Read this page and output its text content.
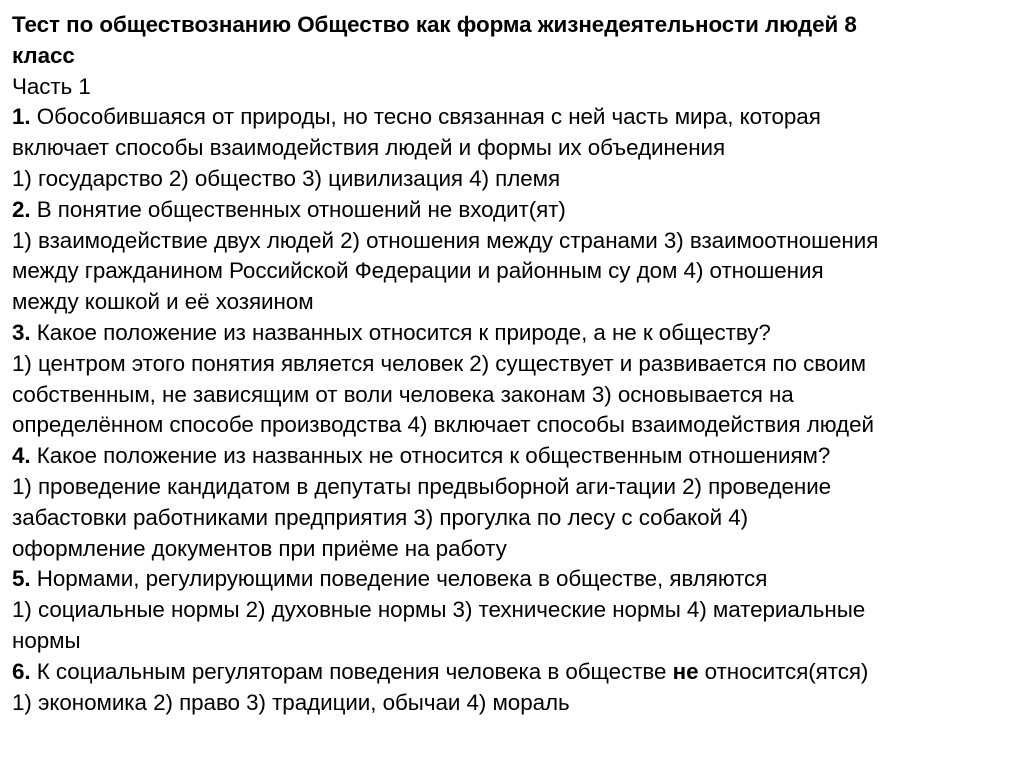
Тест по обществознанию Общество как форма жизнедеятельности людей 8
класс
Часть 1
1. Обособившаяся от природы, но тесно связанная с ней часть мира, которая
включает способы взаимодействия людей и формы их объединения
1) государство 2) общество 3) цивилизация 4) племя
2. В понятие общественных отношений не входит(ят)
1) взаимодействие двух людей 2) отношения между странами 3) взаимоотношения
между гражданином Российской Федерации и районным су дом 4) отношения
между кошкой и её хозяином
3. Какое положение из названных относится к природе, а не к обществу?
1) центром этого понятия является человек 2) существует и развивается по своим
собственным, не зависящим от воли человека законам 3) основывается на
определённом способе производства 4) включает способы взаимодействия людей
4. Какое положение из названных не относится к общественным отношениям?
1) проведение кандидатом в депутаты предвыборной аги-тации 2) проведение
забастовки работниками предприятия 3) прогулка по лесу с собакой 4)
оформление документов при приёме на работу
5. Нормами, регулирующими поведение человека в обществе, являются
1) социальные нормы 2) духовные нормы 3) технические нормы 4) материальные
нормы
6. К социальным регуляторам поведения человека в обществе не относится(ятся)
1) экономика 2) право 3) традиции, обычаи 4) мораль
